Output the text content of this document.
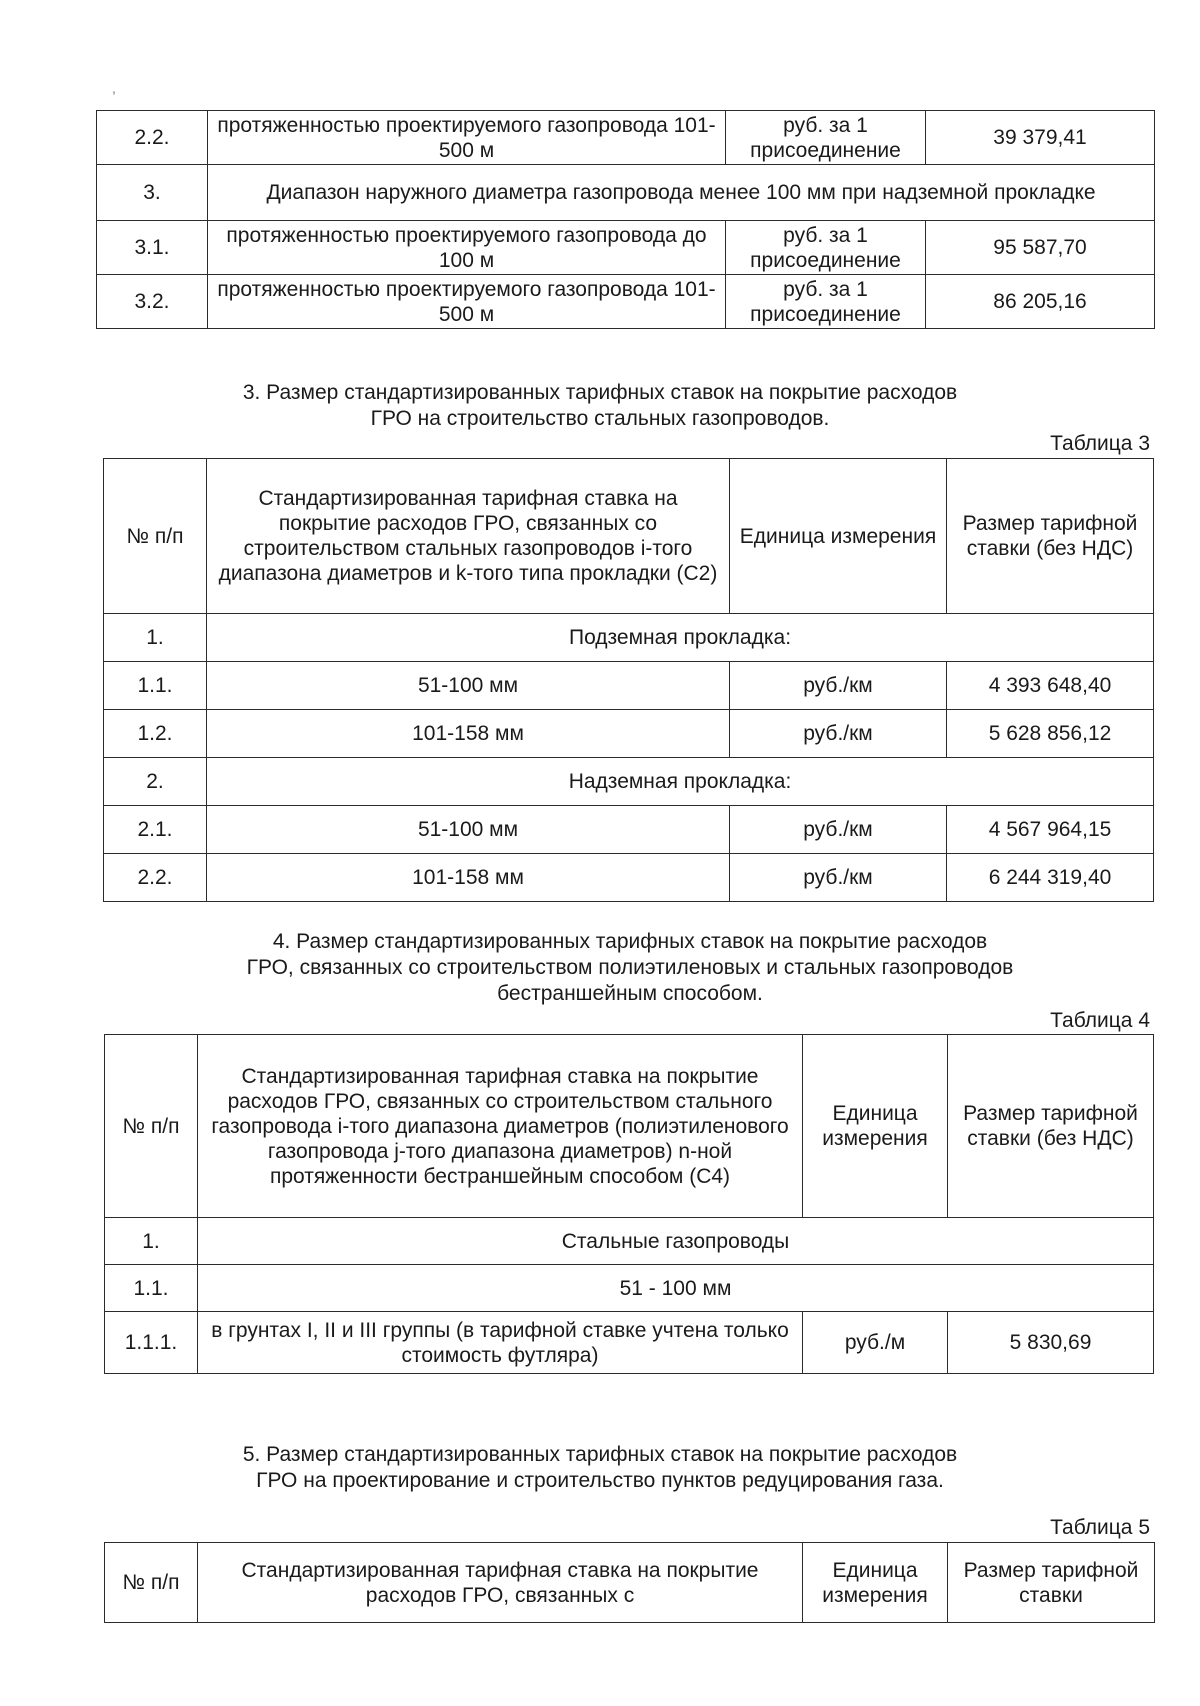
,
2.2.	протяженностью проектируемого газопровода 101-500 м	руб. за 1 присоединение	39 379,41
3.	Диапазон наружного диаметра газопровода менее 100 мм при надземной прокладке		
3.1.	протяженностью проектируемого газопровода до 100 м	руб. за 1 присоединение	95 587,70
3.2.	протяженностью проектируемого газопровода 101-500 м	руб. за 1 присоединение	86 205,16
3. Размер стандартизированных тарифных ставок на покрытие расходов
ГРО на строительство стальных газопроводов.
Таблица 3
№ п/п	Стандартизированная тарифная ставка на покрытие расходов ГРО, связанных со строительством стальных газопроводов i-того диапазона диаметров и k-того типа прокладки (С2)	Единица измерения	Размер тарифной ставки (без НДС)
1.	Подземная прокладка:		
1.1.	51-100 мм	руб./км	4 393 648,40
1.2.	101-158 мм	руб./км	5 628 856,12
2.	Надземная прокладка:		
2.1.	51-100 мм	руб./км	4 567 964,15
2.2.	101-158 мм	руб./км	6 244 319,40
4. Размер стандартизированных тарифных ставок на покрытие расходов
ГРО, связанных со строительством полиэтиленовых и стальных газопроводов
бестраншейным способом.
Таблица 4
№ п/п	Стандартизированная тарифная ставка на покрытие расходов ГРО, связанных со строительством стального газопровода i-того диапазона диаметров (полиэтиленового газопровода j-того диапазона диаметров) n-ной протяженности бестраншейным способом (С4)	Единица измерения	Размер тарифной ставки (без НДС)
1.	Стальные газопроводы		
1.1.	51 - 100 мм		
1.1.1.	в грунтах I, II и III группы (в тарифной ставке учтена только стоимость футляра)	руб./м	5 830,69
5. Размер стандартизированных тарифных ставок на покрытие расходов
ГРО на проектирование и строительство пунктов редуцирования газа.
Таблица 5
№ п/п	Стандартизированная тарифная ставка на покрытие расходов ГРО, связанных с	Единица измерения	Размер тарифной ставки
